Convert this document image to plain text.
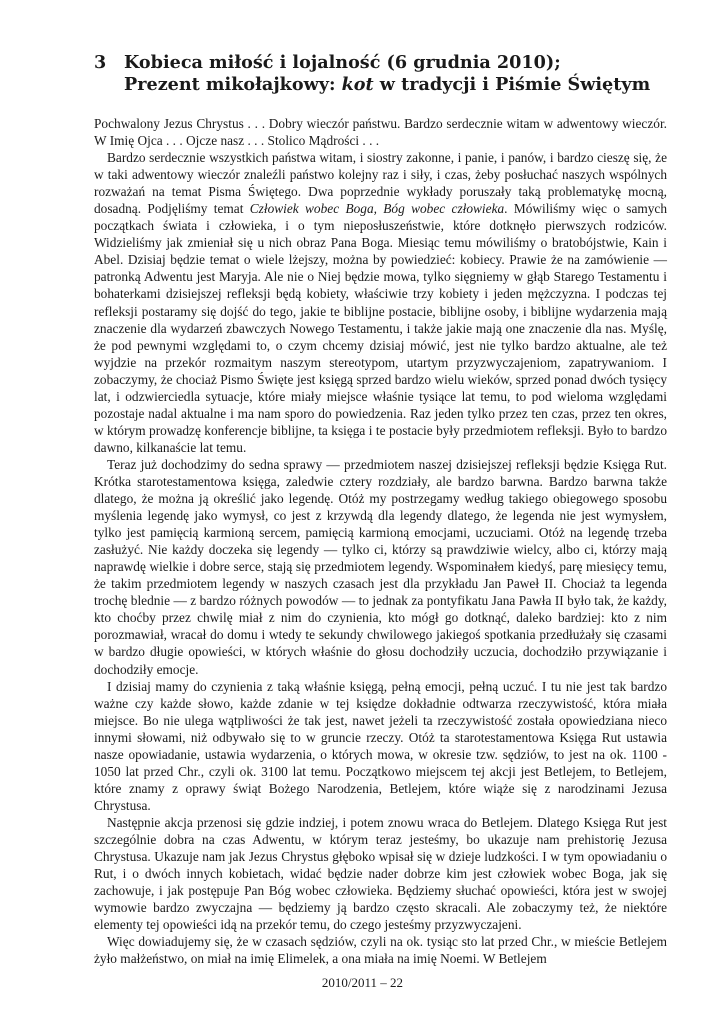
3	Kobieca miłość i lojalność (6 grudnia 2010);
Prezent mikołajkowy: kot w tradycji i Piśmie Świętym

Pochwalony Jezus Chrystus . . . Dobry wieczór państwu. Bardzo serdecznie witam w adwentowy wieczór. W Imię Ojca . . . Ojcze nasz . . . Stolico Mądrości . . .

Bardzo serdecznie wszystkich państwa witam, i siostry zakonne, i panie, i panów, i bardzo cieszę się, że w taki adwentowy wieczór znaleźli państwo kolejny raz i siły, i czas, żeby posłuchać naszych wspólnych rozważań na temat Pisma Świętego. Dwa poprzednie wykłady poruszały taką problematykę mocną, dosadną. Podjęliśmy temat Człowiek wobec Boga, Bóg wobec człowieka. Mówiliśmy więc o samych początkach świata i człowieka, i o tym nieposłuszeństwie, które dotknęło pierwszych rodziców. Widzieliśmy jak zmieniał się u nich obraz Pana Boga. Miesiąc temu mówiliśmy o bratobójstwie, Kain i Abel. Dzisiaj będzie temat o wiele lżejszy, można by powiedzieć: kobiecy. Prawie że na zamówienie — patronką Adwentu jest Maryja. Ale nie o Niej będzie mowa, tylko sięgniemy w głąb Starego Testamentu i bohaterkami dzisiejszej refleksji będą kobiety, właściwie trzy kobiety i jeden mężczyzna. I podczas tej refleksji postaramy się dojść do tego, jakie te biblijne postacie, biblijne osoby, i biblijne wydarzenia mają znaczenie dla wydarzeń zbawczych Nowego Testamentu, i także jakie mają one znaczenie dla nas. Myślę, że pod pewnymi względami to, o czym chcemy dzisiaj mówić, jest nie tylko bardzo aktualne, ale też wyjdzie na przekór rozmaitym naszym stereotypom, utartym przyzwyczajeniom, zapatrywaniom. I zobaczymy, że chociaż Pismo Święte jest księgą sprzed bardzo wielu wieków, sprzed ponad dwóch tysięcy lat, i odzwierciedla sytuacje, które miały miejsce właśnie tysiące lat temu, to pod wieloma względami pozostaje nadal aktualne i ma nam sporo do powiedzenia. Raz jeden tylko przez ten czas, przez ten okres, w którym prowadzę konferencje biblijne, ta księga i te postacie były przedmiotem refleksji. Było to bardzo dawno, kilkanaście lat temu.

Teraz już dochodzimy do sedna sprawy — przedmiotem naszej dzisiejszej refleksji będzie Księga Rut. Krótka starotestamentowa księga, zaledwie cztery rozdziały, ale bardzo barwna. Bardzo barwna także dlatego, że można ją określić jako legendę. Otóż my postrzegamy według takiego obiegowego sposobu myślenia legendę jako wymysł, co jest z krzywdą dla legendy dlatego, że legenda nie jest wymysłem, tylko jest pamięcią karmioną sercem, pamięcią karmioną emocjami, uczuciami. Otóż na legendę trzeba zasłużyć. Nie każdy doczeka się legendy — tylko ci, którzy są prawdziwie wielcy, albo ci, którzy mają naprawdę wielkie i dobre serce, stają się przedmiotem legendy. Wspominałem kiedyś, parę miesięcy temu, że takim przedmiotem legendy w naszych czasach jest dla przykładu Jan Paweł II. Chociaż ta legenda trochę blednie — z bardzo różnych powodów — to jednak za pontyfikatu Jana Pawła II było tak, że każdy, kto choćby przez chwilę miał z nim do czynienia, kto mógł go dotknąć, daleko bardziej: kto z nim porozmawiał, wracał do domu i wtedy te sekundy chwilowego jakiegoś spotkania przedłużały się czasami w bardzo długie opowieści, w których właśnie do głosu dochodziły uczucia, dochodziło przywiązanie i dochodziły emocje.

I dzisiaj mamy do czynienia z taką właśnie księgą, pełną emocji, pełną uczuć. I tu nie jest tak bardzo ważne czy każde słowo, każde zdanie w tej księdze dokładnie odtwarza rzeczywistość, która miała miejsce. Bo nie ulega wątpliwości że tak jest, nawet jeżeli ta rzeczywistość została opowiedziana nieco innymi słowami, niż odbywało się to w gruncie rzeczy. Otóż ta starotestamentowa Księga Rut ustawia nasze opowiadanie, ustawia wydarzenia, o których mowa, w okresie tzw. sędziów, to jest na ok. 1100 - 1050 lat przed Chr., czyli ok. 3100 lat temu. Początkowo miejscem tej akcji jest Betlejem, to Betlejem, które znamy z oprawy świąt Bożego Narodzenia, Betlejem, które wiąże się z narodzinami Jezusa Chrystusa.

Następnie akcja przenosi się gdzie indziej, i potem znowu wraca do Betlejem. Dlatego Księga Rut jest szczególnie dobra na czas Adwentu, w którym teraz jesteśmy, bo ukazuje nam prehistorię Jezusa Chrystusa. Ukazuje nam jak Jezus Chrystus głęboko wpisał się w dzieje ludzkości. I w tym opowiadaniu o Rut, i o dwóch innych kobietach, widać będzie nader dobrze kim jest człowiek wobec Boga, jak się zachowuje, i jak postępuje Pan Bóg wobec człowieka. Będziemy słuchać opowieści, która jest w swojej wymowie bardzo zwyczajna — będziemy ją bardzo często skracali. Ale zobaczymy też, że niektóre elementy tej opowieści idą na przekór temu, do czego jesteśmy przyzwyczajeni.

Więc dowiadujemy się, że w czasach sędziów, czyli na ok. tysiąc sto lat przed Chr., w mieście Betlejem żyło małżeństwo, on miał na imię Elimelek, a ona miała na imię Noemi. W Betlejem

2010/2011 – 22
